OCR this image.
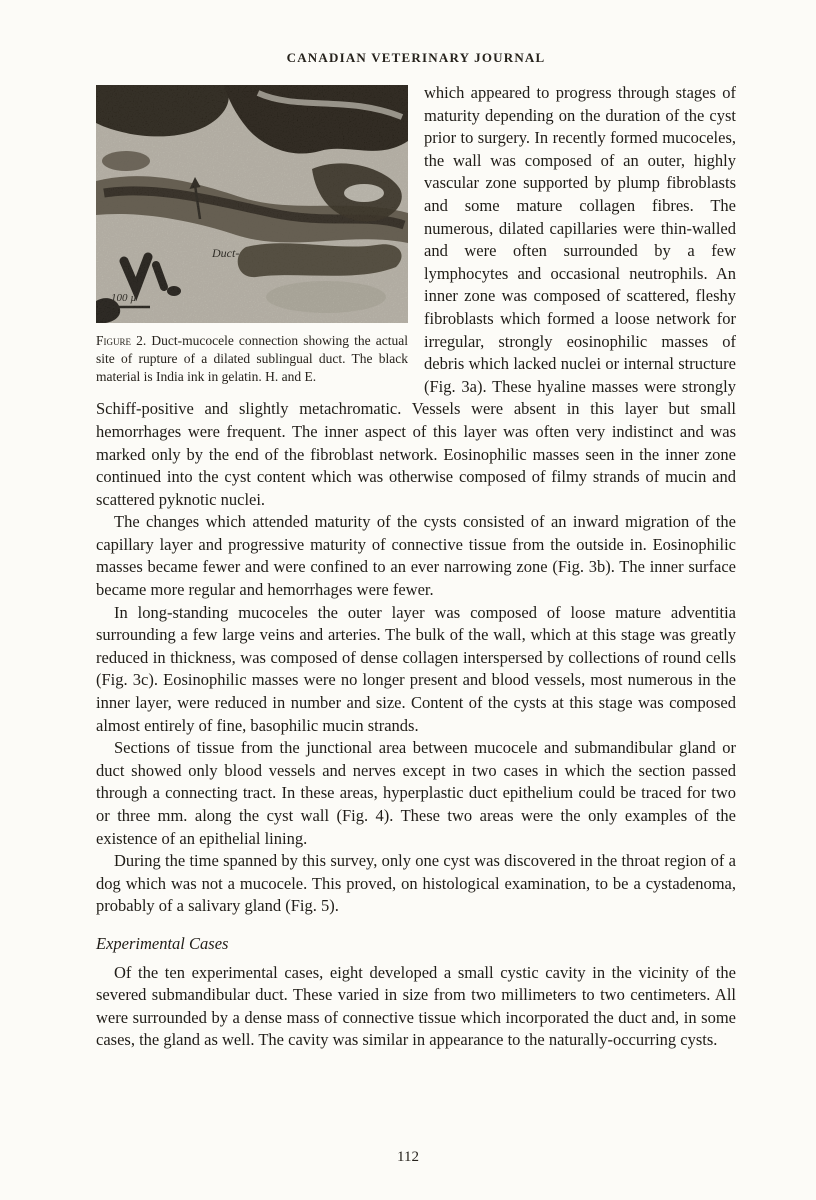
CANADIAN VETERINARY JOURNAL
Duct-
100 µ
Figure 2. Duct-mucocele connection showing the actual site of rupture of a dilated sublingual duct. The black material is India ink in gelatin. H. and E.

which appeared to progress through stages of maturity depending on the duration of the cyst prior to surgery. In recently formed mucoceles, the wall was composed of an outer, highly vascular zone supported by plump fibroblasts and some mature collagen fibres. The numerous, dilated capillaries were thin-walled and were often surrounded by a few lymphocytes and occasional neutrophils. An inner zone was composed of scattered, fleshy fibroblasts which formed a loose network for irregular, strongly eosinophilic masses of debris which lacked nuclei or internal structure (Fig. 3a). These hyaline masses were strongly Schiff-positive and slightly metachromatic. Vessels were absent in this layer but small hemorrhages were frequent. The inner aspect of this layer was often very indistinct and was marked only by the end of the fibroblast network. Eosinophilic masses seen in the inner zone continued into the cyst content which was otherwise composed of filmy strands of mucin and scattered pyknotic nuclei.

The changes which attended maturity of the cysts consisted of an inward migration of the capillary layer and progressive maturity of connective tissue from the outside in. Eosinophilic masses became fewer and were confined to an ever narrowing zone (Fig. 3b). The inner surface became more regular and hemorrhages were fewer.

In long-standing mucoceles the outer layer was composed of loose mature adventitia surrounding a few large veins and arteries. The bulk of the wall, which at this stage was greatly reduced in thickness, was composed of dense collagen interspersed by collections of round cells (Fig. 3c). Eosinophilic masses were no longer present and blood vessels, most numerous in the inner layer, were reduced in number and size. Content of the cysts at this stage was composed almost entirely of fine, basophilic mucin strands.

Sections of tissue from the junctional area between mucocele and submandibular gland or duct showed only blood vessels and nerves except in two cases in which the section passed through a connecting tract. In these areas, hyperplastic duct epithelium could be traced for two or three mm. along the cyst wall (Fig. 4). These two areas were the only examples of the existence of an epithelial lining.

During the time spanned by this survey, only one cyst was discovered in the throat region of a dog which was not a mucocele. This proved, on histological examination, to be a cystadenoma, probably of a salivary gland (Fig. 5).

Experimental Cases

Of the ten experimental cases, eight developed a small cystic cavity in the vicinity of the severed submandibular duct. These varied in size from two millimeters to two centimeters. All were surrounded by a dense mass of connective tissue which incorporated the duct and, in some cases, the gland as well. The cavity was similar in appearance to the naturally-occurring cysts.

112
